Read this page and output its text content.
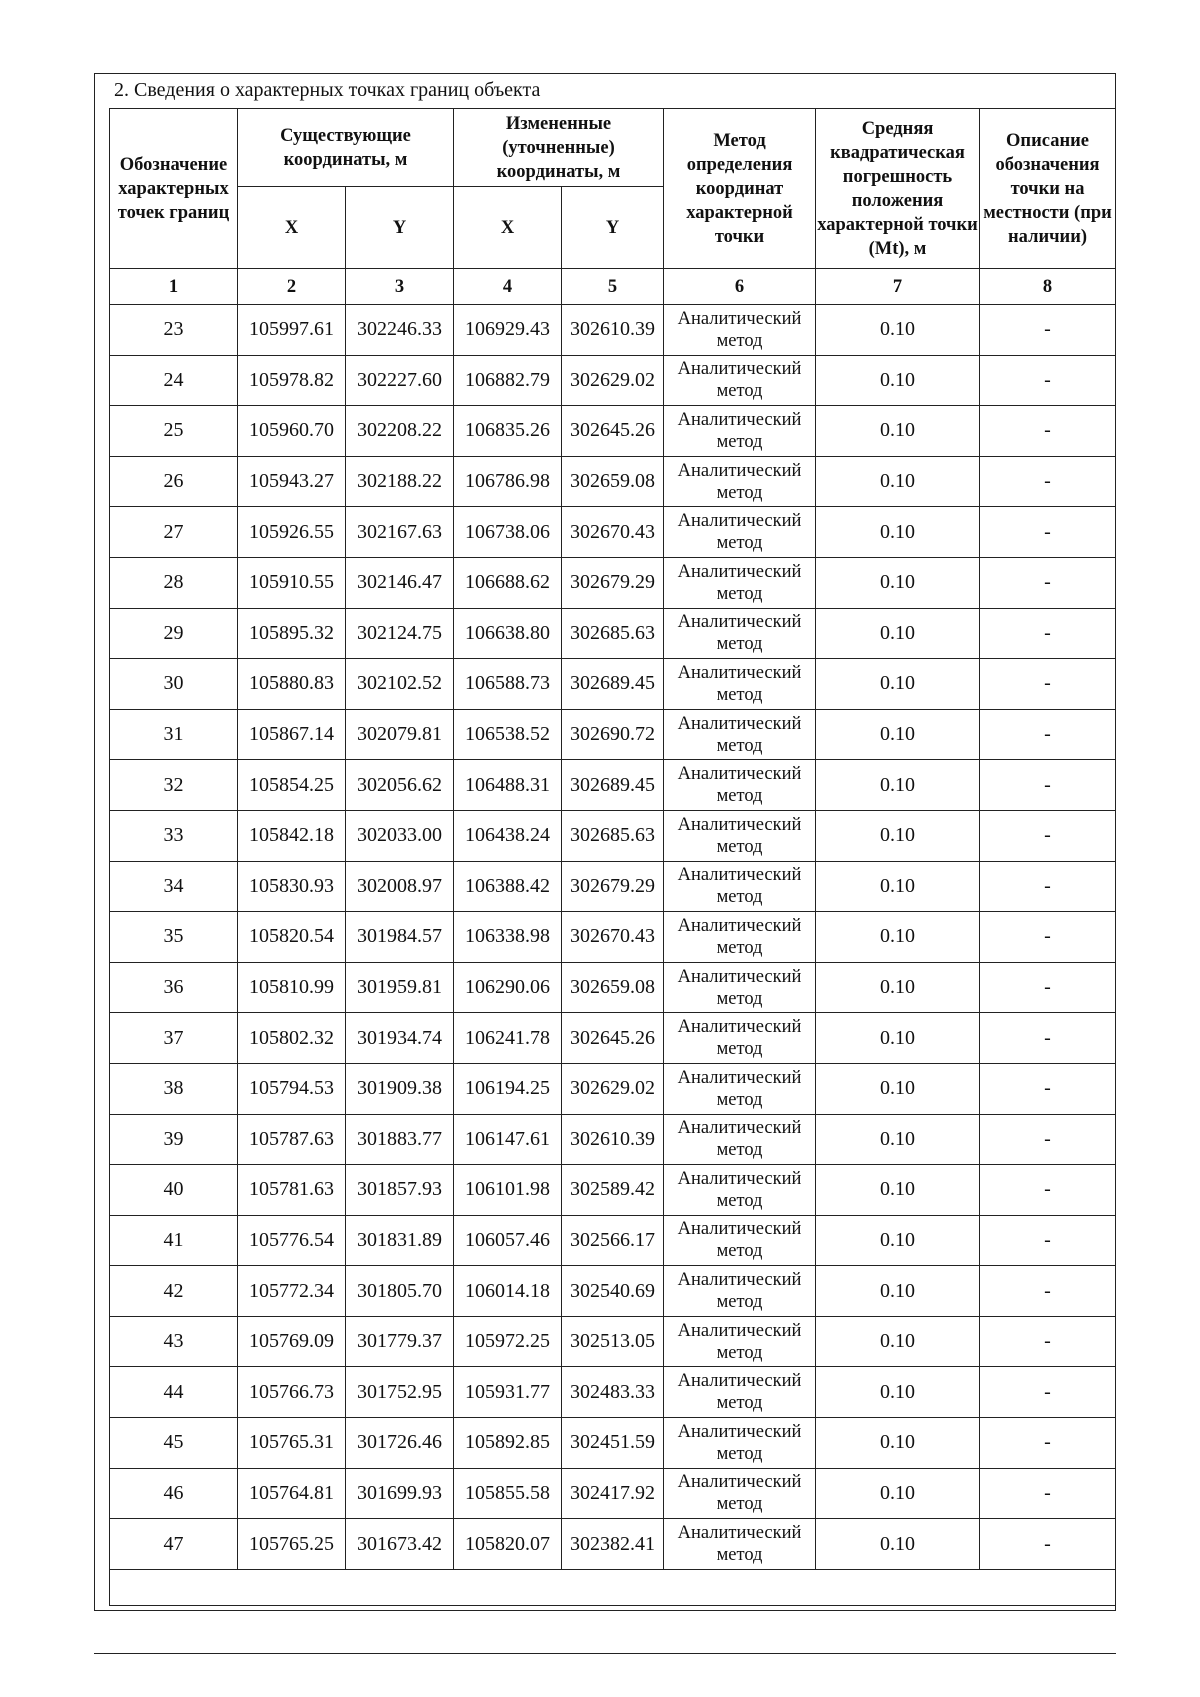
2. Сведения о характерных точках границ объекта
Обозначение характерных точек границ	Существующие координаты, м		Измененные (уточненные) координаты, м		Метод определения координат характерной точки	Средняя квадратическая погрешность положения характерной точки (Mt), м	Описание обозначения точки на местности (при наличии)
	X	Y	X	Y			
1	2	3	4	5	6	7	8
23	105997.61	302246.33	106929.43	302610.39	Аналитический метод	0.10	-
24	105978.82	302227.60	106882.79	302629.02	Аналитический метод	0.10	-
25	105960.70	302208.22	106835.26	302645.26	Аналитический метод	0.10	-
26	105943.27	302188.22	106786.98	302659.08	Аналитический метод	0.10	-
27	105926.55	302167.63	106738.06	302670.43	Аналитический метод	0.10	-
28	105910.55	302146.47	106688.62	302679.29	Аналитический метод	0.10	-
29	105895.32	302124.75	106638.80	302685.63	Аналитический метод	0.10	-
30	105880.83	302102.52	106588.73	302689.45	Аналитический метод	0.10	-
31	105867.14	302079.81	106538.52	302690.72	Аналитический метод	0.10	-
32	105854.25	302056.62	106488.31	302689.45	Аналитический метод	0.10	-
33	105842.18	302033.00	106438.24	302685.63	Аналитический метод	0.10	-
34	105830.93	302008.97	106388.42	302679.29	Аналитический метод	0.10	-
35	105820.54	301984.57	106338.98	302670.43	Аналитический метод	0.10	-
36	105810.99	301959.81	106290.06	302659.08	Аналитический метод	0.10	-
37	105802.32	301934.74	106241.78	302645.26	Аналитический метод	0.10	-
38	105794.53	301909.38	106194.25	302629.02	Аналитический метод	0.10	-
39	105787.63	301883.77	106147.61	302610.39	Аналитический метод	0.10	-
40	105781.63	301857.93	106101.98	302589.42	Аналитический метод	0.10	-
41	105776.54	301831.89	106057.46	302566.17	Аналитический метод	0.10	-
42	105772.34	301805.70	106014.18	302540.69	Аналитический метод	0.10	-
43	105769.09	301779.37	105972.25	302513.05	Аналитический метод	0.10	-
44	105766.73	301752.95	105931.77	302483.33	Аналитический метод	0.10	-
45	105765.31	301726.46	105892.85	302451.59	Аналитический метод	0.10	-
46	105764.81	301699.93	105855.58	302417.92	Аналитический метод	0.10	-
47	105765.25	301673.42	105820.07	302382.41	Аналитический метод	0.10	-
